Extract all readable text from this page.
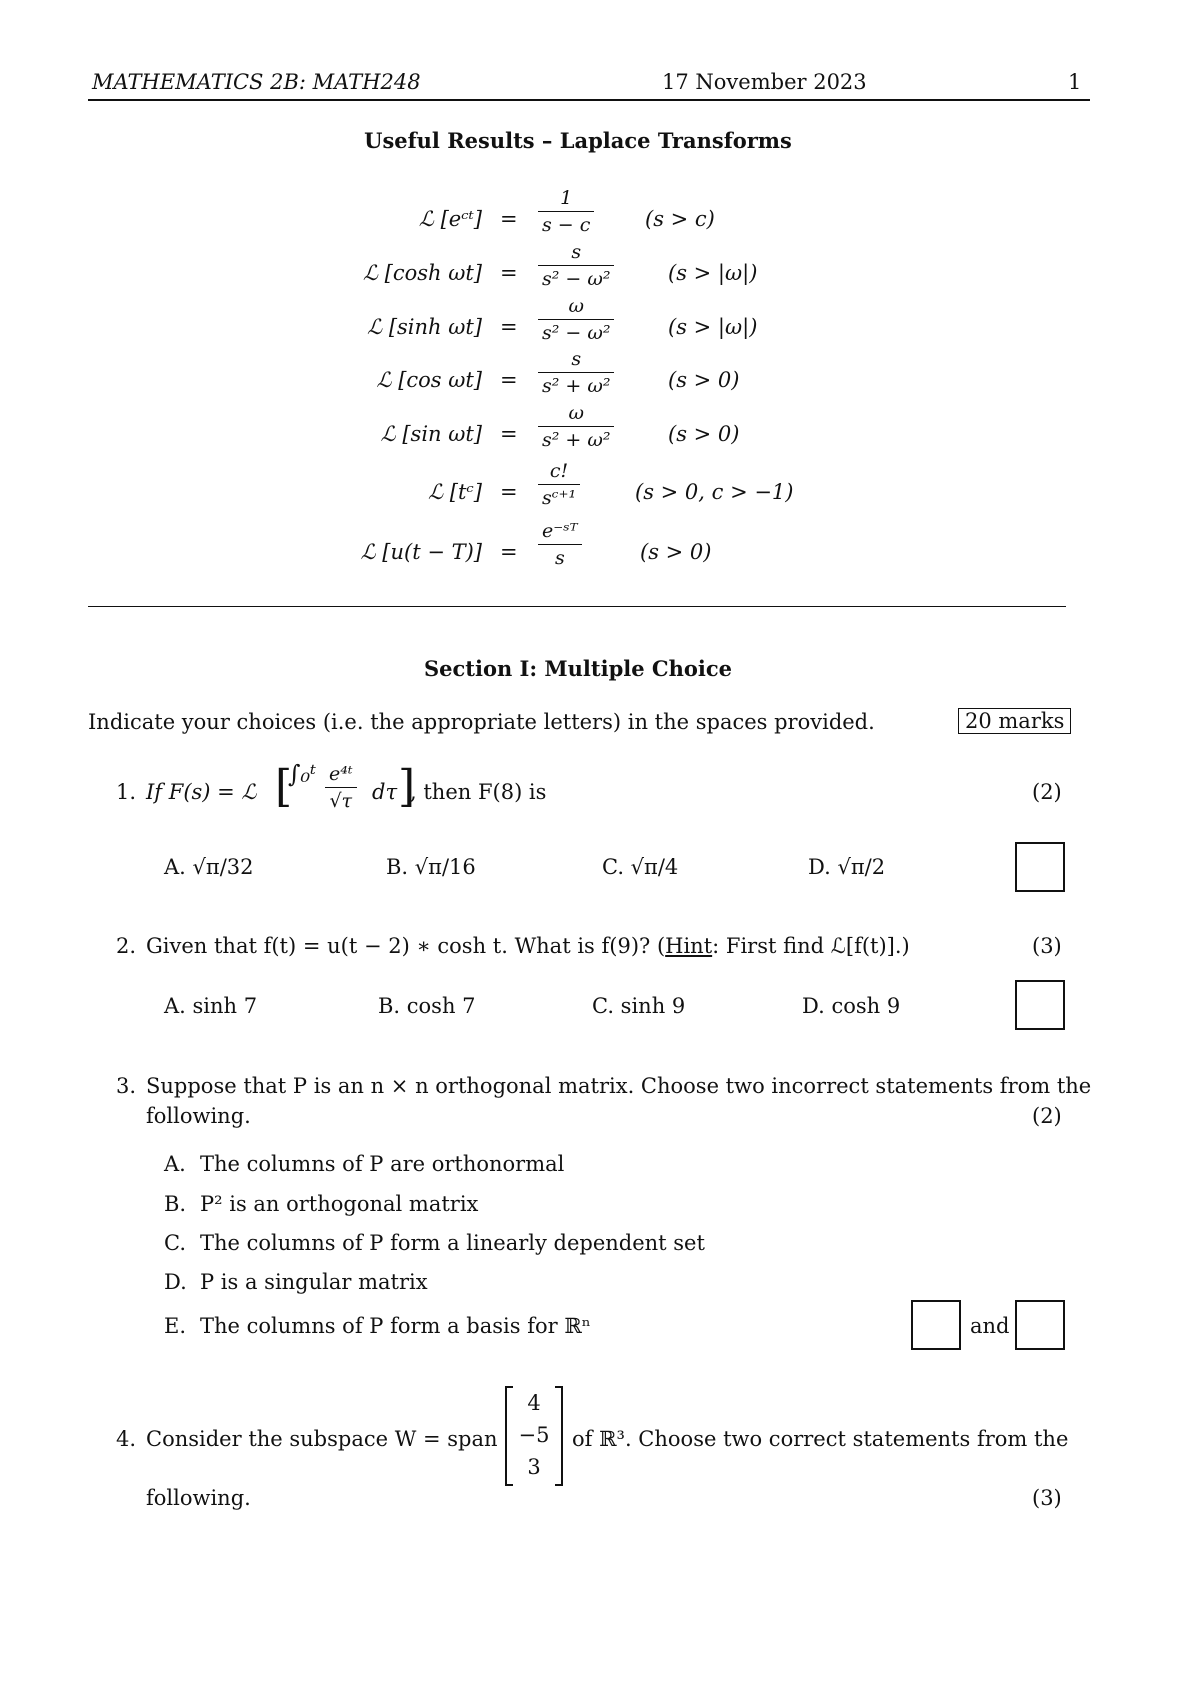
MATHEMATICS 2B: MATH248	17 November 2023	1
Useful Results – Laplace Transforms
ℒ [eᶜᵗ] = $\frac{1}{s - c} (s > c)$
ℒ [cosh $\omega t] = \frac{s}{\text{s² − ω²}}$	(s > |ω|)
ℒ [sinh $\omega t] = \frac{\omega}{\text{s² − ω²}}$	(s > |ω|)
ℒ [cos $\omega t] = \frac{s}{\text{s² + ω²}}$	(s > 0)
ℒ [sin $\omega t] = \frac{\omega}{\text{s² + ω²}}$	(s > 0)
ℒ [tᶜ] = $\frac{c!}{\text{sᶜ⁺¹}}$	(s > 0, c > −1)
ℒ $[u(t - T)] = \frac{\text{e⁻ˢᵀ}}{s}$	(s > 0)
Section I: Multiple Choice
Indicate your choices (i.e. the appropriate letters) in the spaces provided.	20 marks
1. If F(s) = ℒ [
∫₀ᵗ $\frac{\text{e⁴ᵗ}}{√\tau}$ dτ ]
, then F(8) is	(2)
A. √π/32	B. √π/16	C. √π/4	D. √π/2
2. Given that f(t) = u(t − 2) ∗ cosh t. What is f(9)? (Hint: First find ℒ[f(t)].)	(3)
A. sinh 7	B. cosh 7	C. sinh 9	D. cosh 9
3. Suppose that P is an n × n orthogonal matrix. Choose two incorrect statements from the
following.	(2)
A. The columns of P are orthonormal
B. P² is an orthogonal matrix
C. The columns of P form a linearly dependent set
D. P is a singular matrix
E. The columns of P form a basis for ℝⁿ	and
4. Consider the subspace W = span
4
−5
3
of ℝ³. Choose two correct statements from the
following.	(3)
